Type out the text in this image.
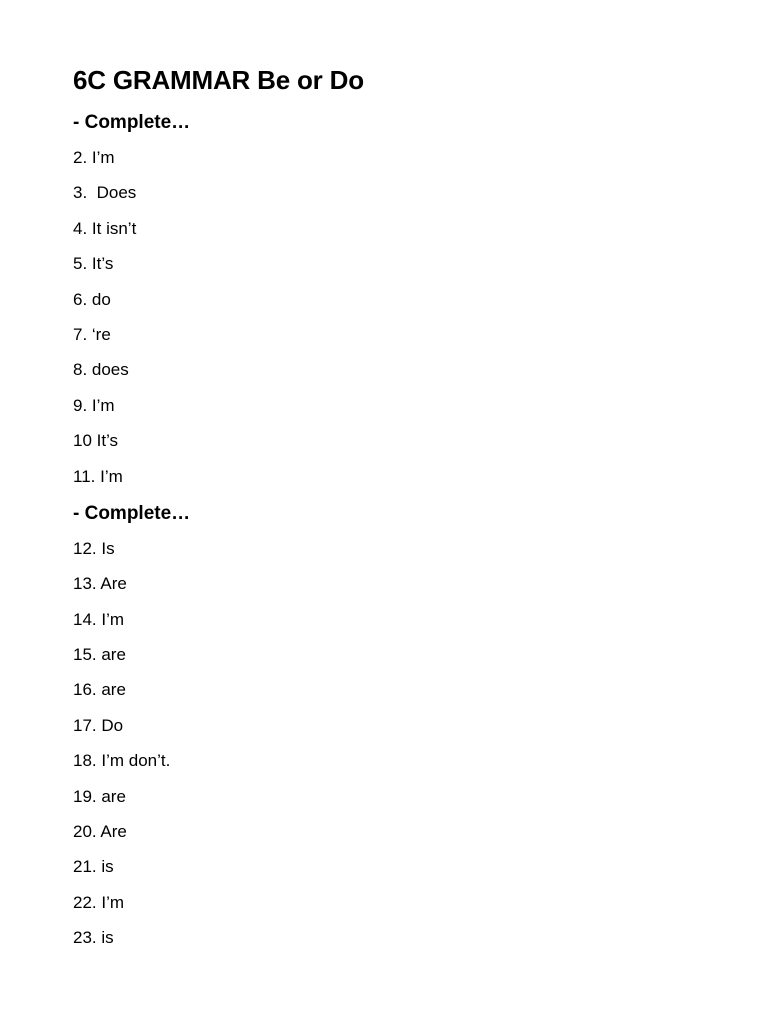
6C GRAMMAR Be or Do

- Complete…

2. I’m

3.  Does

4. It isn’t

5. It’s

6. do

7. ‘re

8. does

9. I’m

10 It’s

11. I’m

- Complete…

12. Is

13. Are

14. I’m

15. are

16. are

17. Do

18. I’m don’t.

19. are

20. Are

21. is

22. I’m

23. is
